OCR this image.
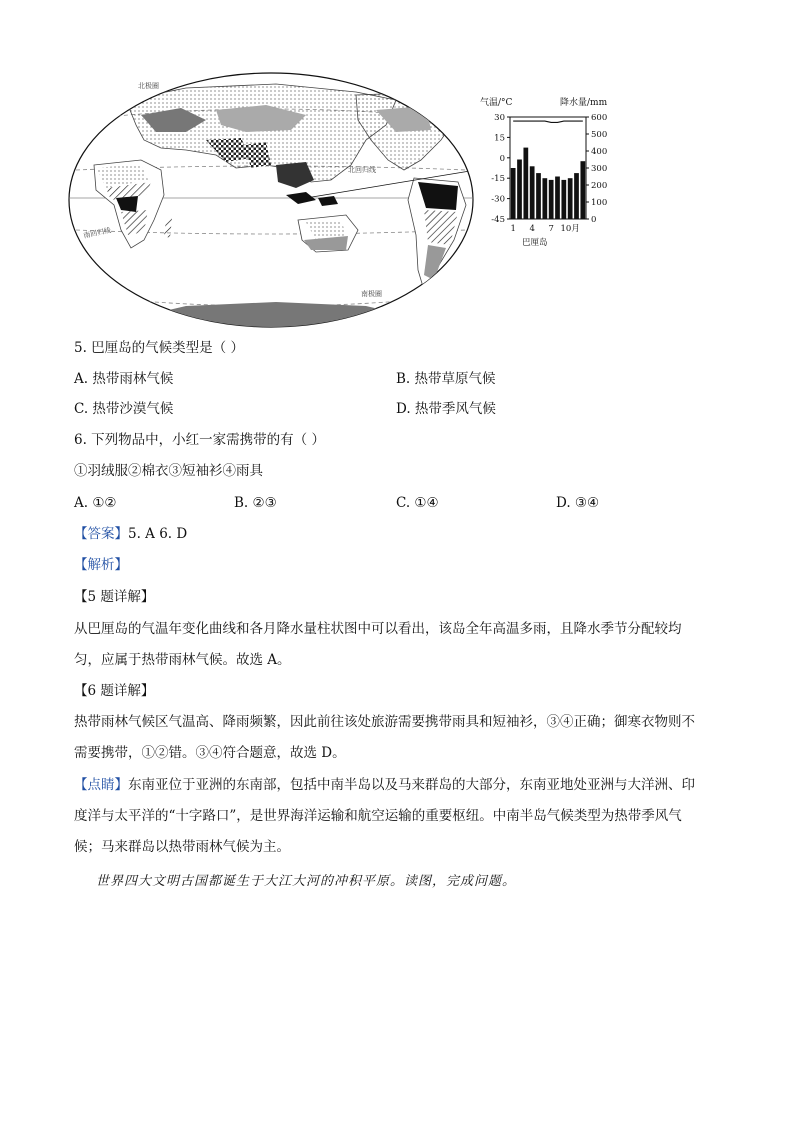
北极圈
北回归线
南回归线
南极圈
气温/°C	降水量/mm
30
15
0
-15
-30
-45
600
500
400
300
200
100
0
1 4 7 10月
巴厘岛
5. 巴厘岛的气候类型是（ ）
A. 热带雨林气候	B. 热带草原气候
C. 热带沙漠气候	D. 热带季风气候
6. 下列物品中，小红一家需携带的有（ ）
①羽绒服②棉衣③短袖衫④雨具
A. ①②	B. ②③	C. ①④	D. ③④
【答案】5. A 6. D
【解析】
【5 题详解】
从巴厘岛的气温年变化曲线和各月降水量柱状图中可以看出，该岛全年高温多雨，且降水季节分配较均
匀，应属于热带雨林气候。故选 A。
【6 题详解】
热带雨林气候区气温高、降雨频繁，因此前往该处旅游需要携带雨具和短袖衫，③④正确；御寒衣物则不
需要携带，①②错。③④符合题意，故选 D。
【点睛】东南亚位于亚洲的东南部，包括中南半岛以及马来群岛的大部分，东南亚地处亚洲与大洋洲、印
度洋与太平洋的“十字路口”，是世界海洋运输和航空运输的重要枢纽。中南半岛气候类型为热带季风气
候；马来群岛以热带雨林气候为主。
世界四大文明古国都诞生于大江大河的冲积平原。读图，完成问题。
